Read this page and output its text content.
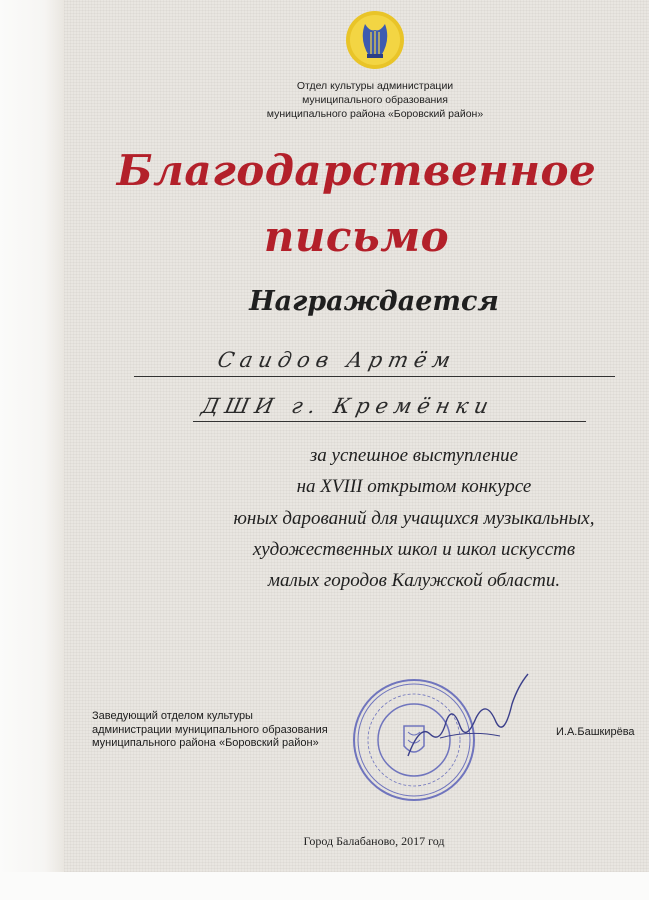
Отдел культуры администрации
муниципального образования
муниципального района «Боровский район»
Благодарственное
письмо
Награждается
Саидов Артём
ДШИ г. Кремёнки
за успешное выступление
на XVIII открытом конкурсе
юных дарований для учащихся музыкальных,
художественных школ и школ искусств
малых городов Калужской области.
Заведующий отделом культуры
администрации муниципального образования
муниципального района «Боровский район»
И.А.Башкирёва
Город Балабаново, 2017 год
